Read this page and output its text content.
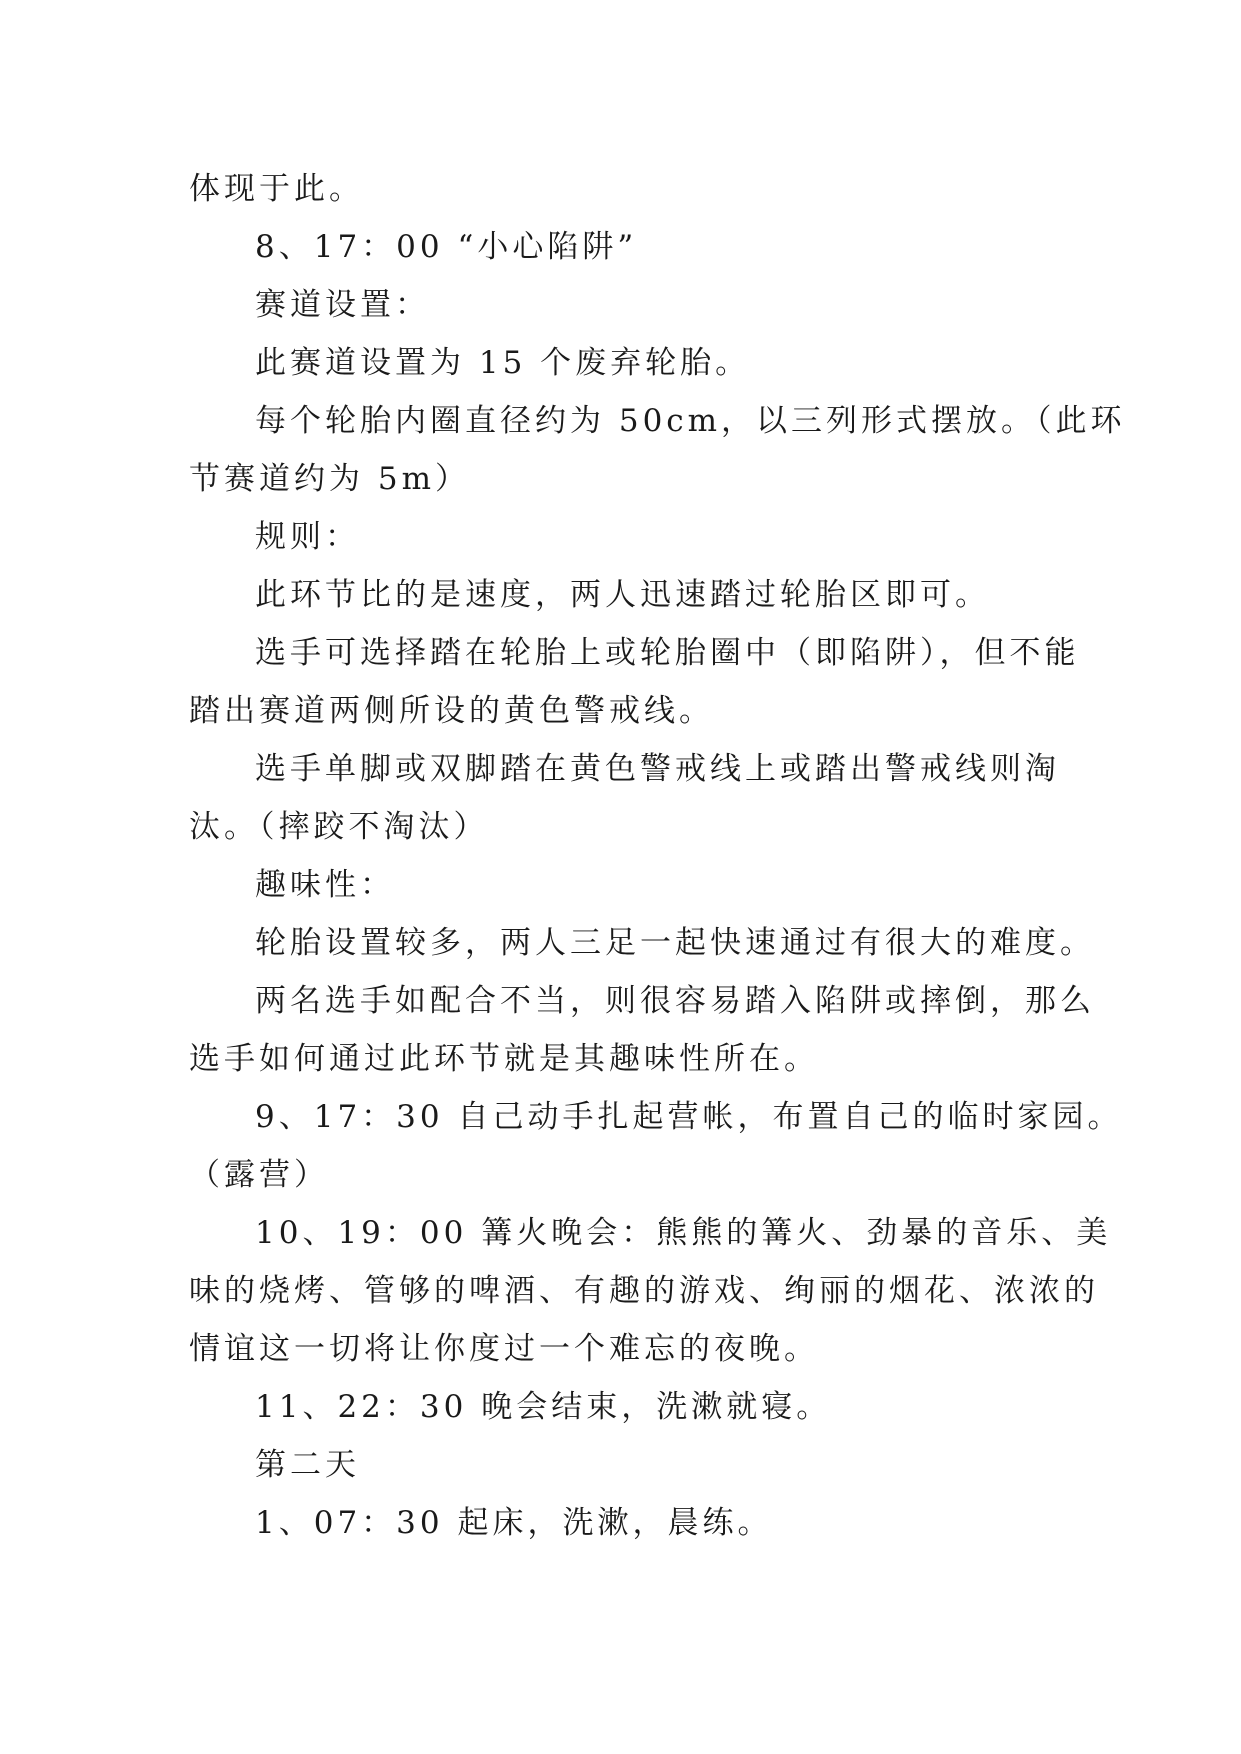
体现于此。
8、17：00 “小心陷阱”
赛道设置：
此赛道设置为 15 个废弃轮胎。
每个轮胎内圈直径约为 50cm，以三列形式摆放。（此环
节赛道约为 5m）
规则：
此环节比的是速度，两人迅速踏过轮胎区即可。
选手可选择踏在轮胎上或轮胎圈中（即陷阱），但不能
踏出赛道两侧所设的黄色警戒线。
选手单脚或双脚踏在黄色警戒线上或踏出警戒线则淘
汰。（摔跤不淘汰）
趣味性：
轮胎设置较多，两人三足一起快速通过有很大的难度。
两名选手如配合不当，则很容易踏入陷阱或摔倒，那么
选手如何通过此环节就是其趣味性所在。
9、17：30 自己动手扎起营帐，布置自己的临时家园。
（露营）
10、19：00 篝火晚会：熊熊的篝火、劲暴的音乐、美
味的烧烤、管够的啤酒、有趣的游戏、绚丽的烟花、浓浓的
情谊这一切将让你度过一个难忘的夜晚。
11、22：30 晚会结束，洗漱就寝。
第二天
1、07：30 起床，洗漱，晨练。
